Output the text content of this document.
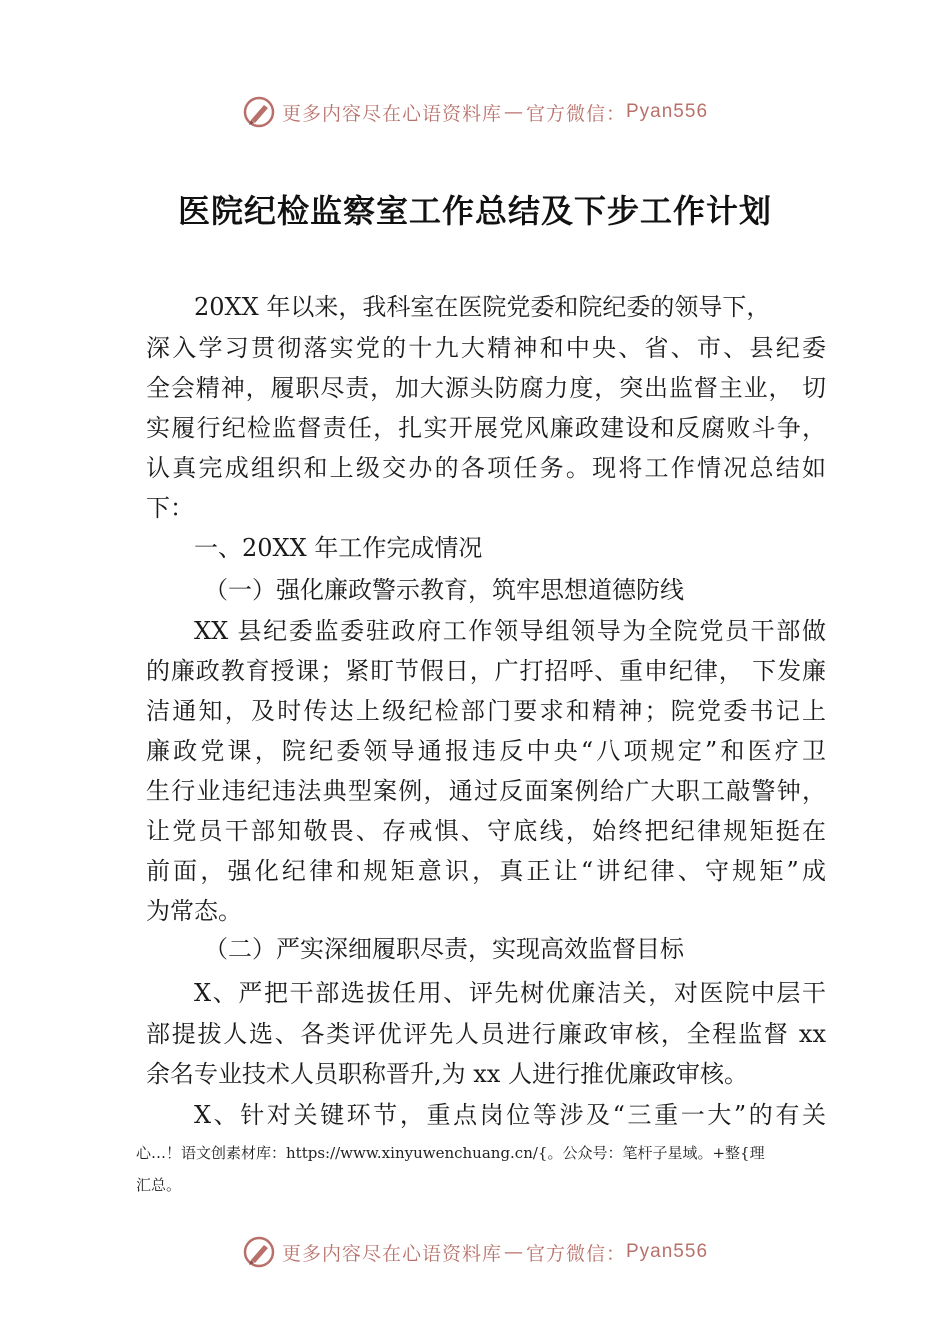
更多内容尽在心语资料库 — 官方微信： Pyan556
医院纪检监察室工作总结及下步工作计划
20XX 年以来，我科室在医院党委和院纪委的领导下，
深入学习贯彻落实党的十九大精神和中央、省、市、县纪委
全会精神，履职尽责，加大源头防腐力度，突出监督主业， 切
实履行纪检监督责任，扎实开展党风廉政建设和反腐败斗争，
认真完成组织和上级交办的各项任务。现将工作情况总结如
下：
一、20XX 年工作完成情况
（一）强化廉政警示教育，筑牢思想道德防线
XX 县纪委监委驻政府工作领导组领导为全院党员干部做
的廉政教育授课；紧盯节假日，广打招呼、重申纪律， 下发廉
洁通知，及时传达上级纪检部门要求和精神；院党委书记上
廉政党课，院纪委领导通报违反中央“八项规定”和医疗卫
生行业违纪违法典型案例，通过反面案例给广大职工敲警钟，
让党员干部知敬畏、存戒惧、守底线，始终把纪律规矩挺在
前面，强化纪律和规矩意识，真正让“讲纪律、守规矩”成
为常态。
（二）严实深细履职尽责，实现高效监督目标
X、严把干部选拔任用、评先树优廉洁关，对医院中层干
部提拔人选、各类评优评先人员进行廉政审核，全程监督 xx
余名专业技术人员职称晋升,为 xx 人进行推优廉政审核。
X、针对关键环节，重点岗位等涉及“三重一大”的有关
心…！语文创素材库：https://www.xinyuwenchuang.cn/{。公众号：笔杆子星域。+整{理
汇总。
更多内容尽在心语资料库 — 官方微信： Pyan556
